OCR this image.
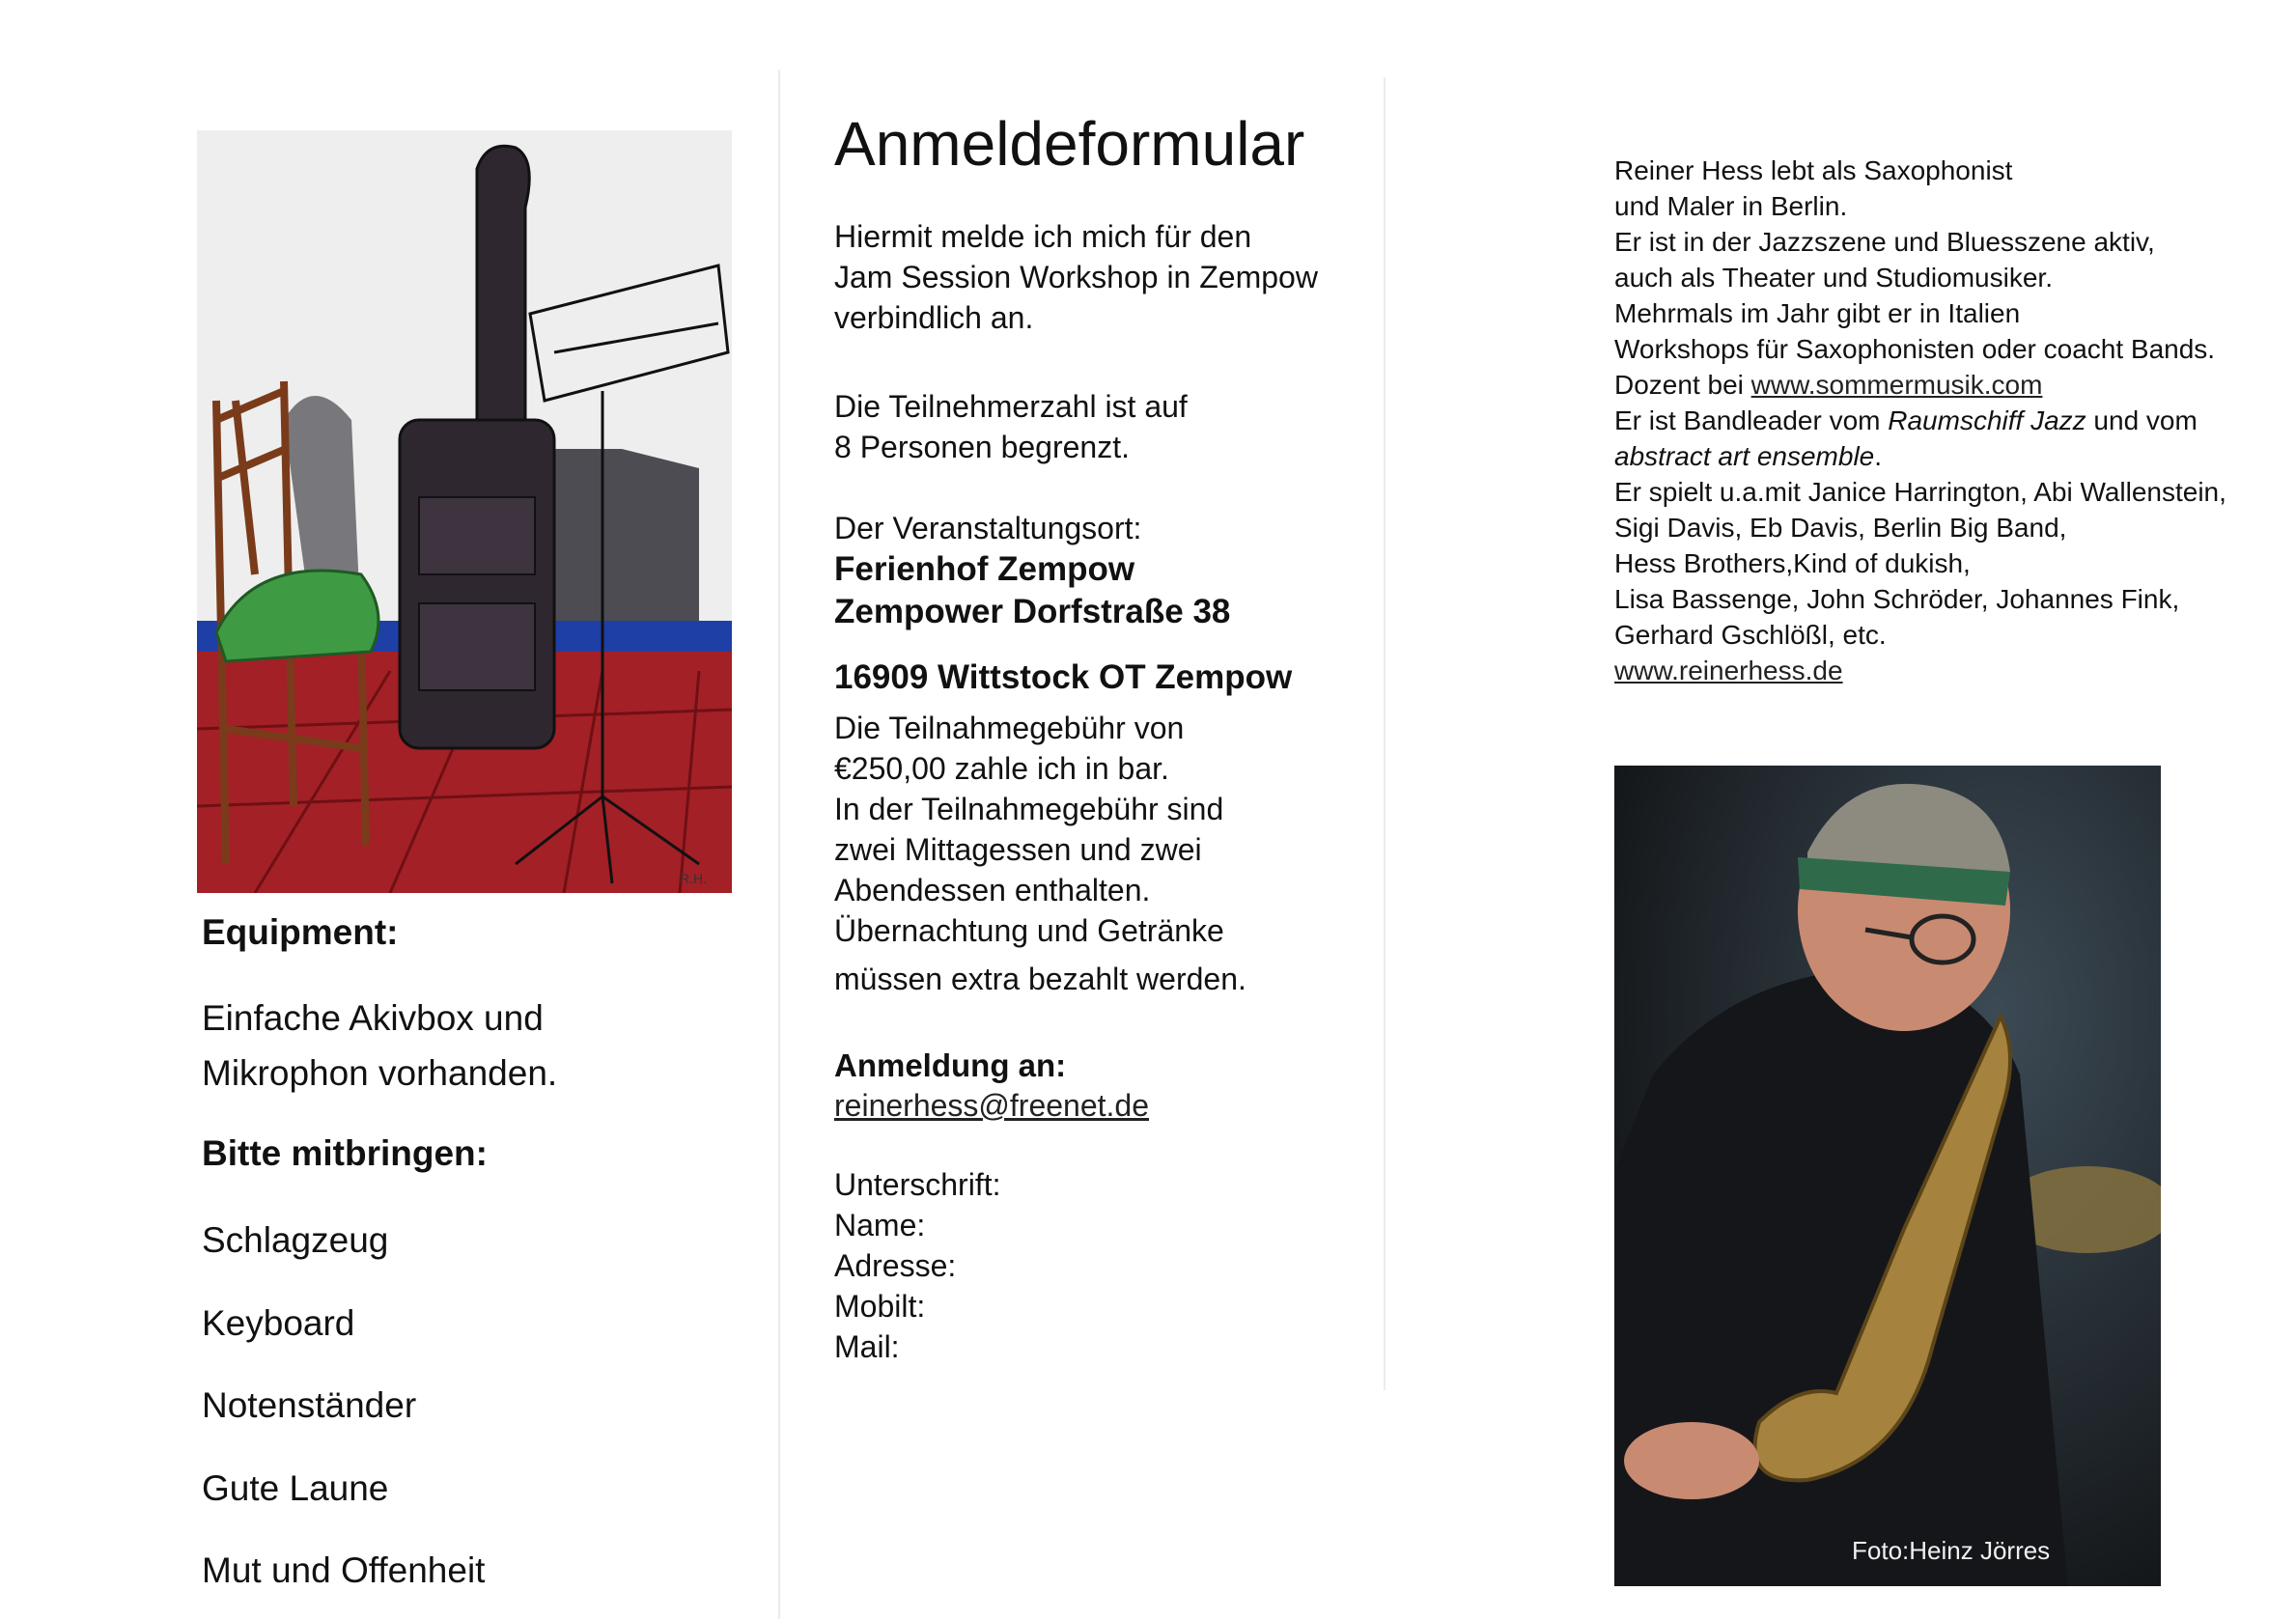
R.H.
Equipment:
Einfache Akivbox und
Mikrophon vorhanden.
Bitte mitbringen:
Schlagzeug
Keyboard
Notenständer
Gute Laune
Mut und Offenheit
Anmeldeformular
Hiermit melde ich mich für den
Jam Session Workshop in Zempow
verbindlich an.
Die Teilnehmerzahl ist auf
8 Personen begrenzt.
Der Veranstaltungsort:
Ferienhof Zempow
Zempower Dorfstraße 38
16909 Wittstock OT Zempow
Die Teilnahmegebühr von
€250,00 zahle ich in bar.
In der Teilnahmegebühr sind
zwei Mittagessen und zwei
Abendessen enthalten.
Übernachtung und Getränke
müssen extra bezahlt werden.
Anmeldung an:
reinerhess@freenet.de
Unterschrift:
Name:
Adresse:
Mobilt:
Mail:
Reiner Hess lebt als Saxophonist
und Maler in Berlin.
Er ist in der Jazzszene und Bluesszene aktiv,
auch als Theater und Studiomusiker.
Mehrmals im Jahr gibt er in Italien
Workshops für Saxophonisten oder coacht Bands.
Dozent bei www.sommermusik.com
Er ist Bandleader vom Raumschiff Jazz und vom
abstract art ensemble.
Er spielt u.a.mit Janice Harrington, Abi Wallenstein,
Sigi Davis, Eb Davis, Berlin Big Band,
Hess Brothers,Kind of dukish,
Lisa Bassenge, John Schröder, Johannes Fink,
Gerhard Gschlößl, etc.
www.reinerhess.de
Foto:Heinz Jörres
